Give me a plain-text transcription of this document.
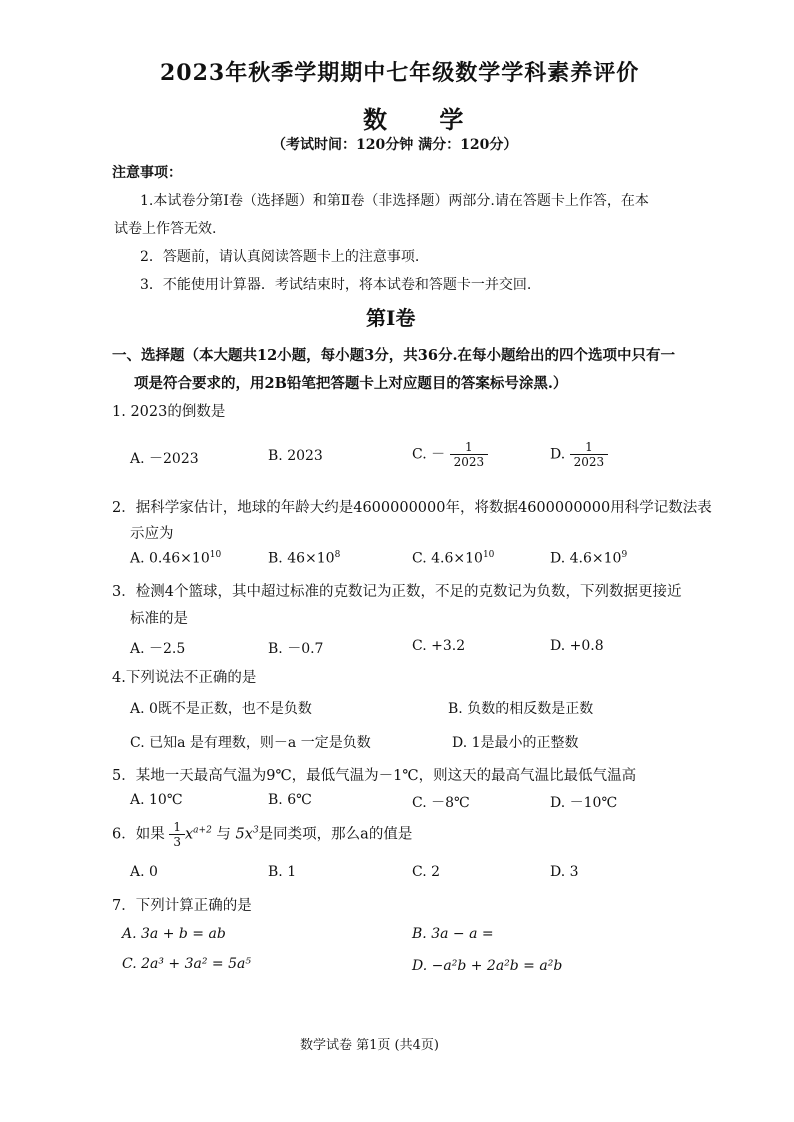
2023年秋季学期期中七年级数学学科素养评价
数 学
（考试时间：120分钟 满分：120分）
注意事项：
1.本试卷分第Ⅰ卷（选择题）和第Ⅱ卷（非选择题）两部分.请在答题卡上作答，在本
试卷上作答无效.
2．答题前，请认真阅读答题卡上的注意事项.
3．不能使用计算器．考试结束时，将本试卷和答题卡一并交回.
第Ⅰ卷
一、选择题（本大题共12小题，每小题3分，共36分.在每小题给出的四个选项中只有一
项是符合要求的，用2B铅笔把答题卡上对应题目的答案标号涂黑.）
1. 2023的倒数是
A. －2023	B. 2023	C. － $\frac{1}{2023}$	D. $\frac{1}{2023}$
2．据科学家估计，地球的年龄大约是4600000000年，将数据4600000000用科学记数法表
示应为
A. $0.46\times 10^{10}$	B. $46\times 10^8$	C. $4.6\times 10^{10}$	D. $4.6\times 10^9$
3．检测4个篮球，其中超过标准的克数记为正数，不足的克数记为负数，下列数据更接近
标准的是
A. －2.5	B. －0.7	C. +3.2	D. +0.8
4.下列说法不正确的是
A. 0既不是正数，也不是负数	B. 负数的相反数是正数
C. 已知a 是有理数，则－a 一定是负数	D. 1是最小的正整数
5．某地一天最高气温为9℃，最低气温为－1℃，则这天的最高气温比最低气温高
A. 10℃	B. 6℃	C. －8℃	D. －10℃
6．如果 $\frac{1}{3} x^{a+2}$ 与 $5x^3$是同类项，那么a的值是
A. 0	B. 1	C. 2	D. 3
7．下列计算正确的是
A. 3a + b = ab	B. 3a − a =
C. 2a³ + 3a² = 5a⁵	D. −a²b + 2a²b = a²b
数学试卷 第1页 (共4页)
